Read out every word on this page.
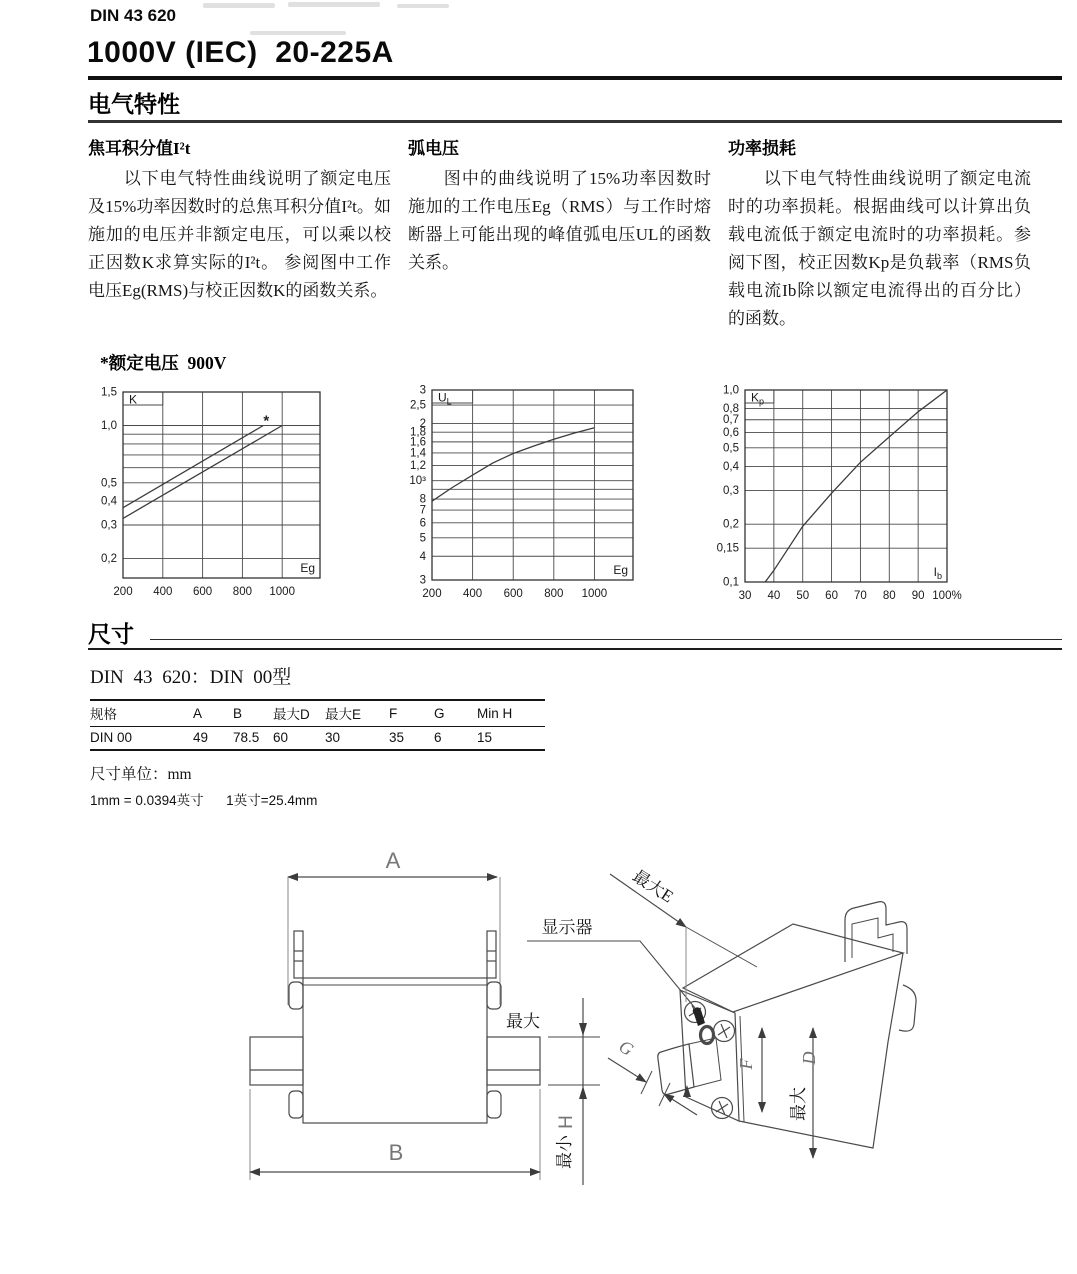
DIN 43 620
1000V (IEC)  20-225A
电气特性
焦耳积分值I²t

以下电气特性曲线说明了额定电压及15%功率因数时的总焦耳积分值I²t。如施加的电压并非额定电压，可以乘以校正因数K求算实际的I²t。 参阅图中工作电压Eg(RMS)与校正因数K的函数关系。

弧电压

图中的曲线说明了15%功率因数时施加的工作电压Eg（RMS）与工作时熔断器上可能出现的峰值弧电压UL的函数关系。

功率损耗

以下电气特性曲线说明了额定电流时的功率损耗。根据曲线可以计算出负载电流低于额定电流时的功率损耗。参阅下图，校正因数Kp是负载率（RMS负载电流Ib除以额定电流得出的百分比）的函数。

*额定电压  900V
K
Eg
*
1,5
1,0
0,5
0,4
0,3
0,2
200 400 600 800 1000
$U_L$
Eg
3
2,5
2
1,8
1,6
1,4
1,2
10³
8
7
6
5
4
3
200 400 600 800 1000
$K_p$
$I_b$
1,0
0,8
0,7
0,6
0,5
0,4
0,3
0,2
0,15
0,1
30 40 50 60 70 80 90 100%
尺寸
DIN 43 620：DIN 00型
规格	A	B	最大D	最大E	F	G	Min H
DIN 00	49	78.5	60	30	35	6	15
尺寸单位：mm
1mm = 0.0394英寸      1英寸=25.4mm
A
B
最大
H
最小
显示器
最大E
G
F D
最大
